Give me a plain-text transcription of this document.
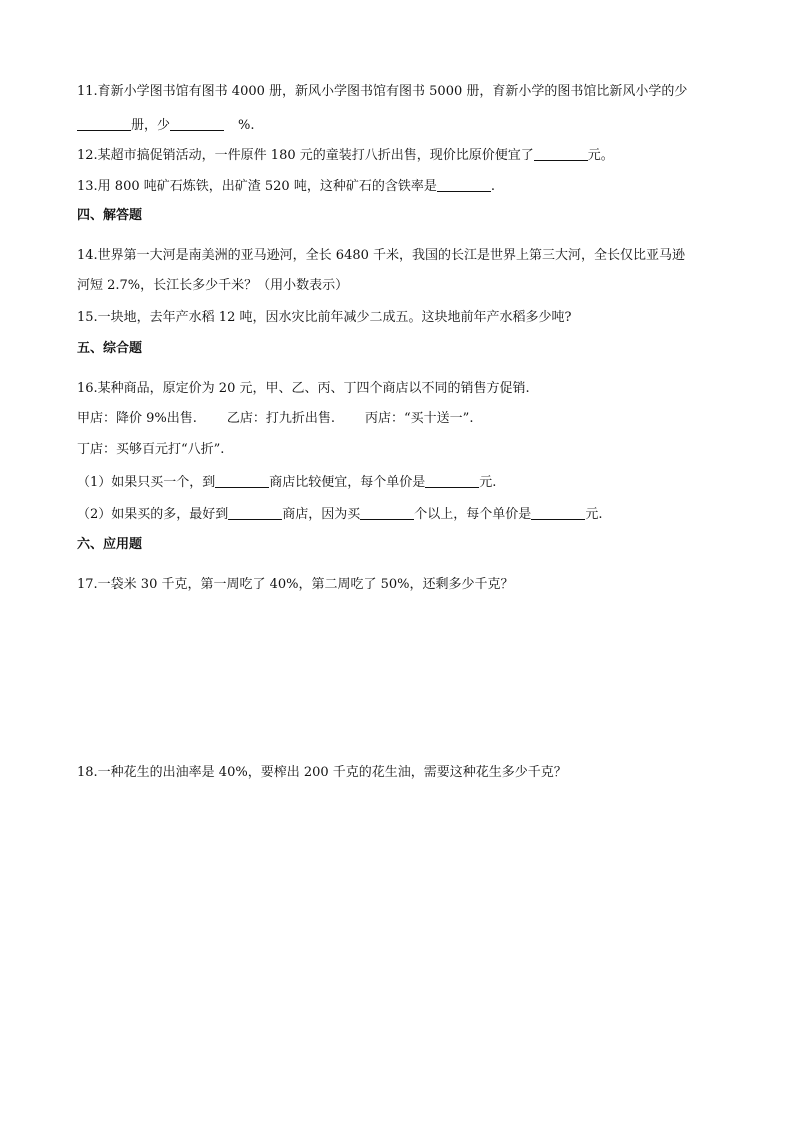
11.育新小学图书馆有图书 4000 册，新风小学图书馆有图书 5000 册，育新小学的图书馆比新风小学的少
册，少	%.
12.某超市搞促销活动，一件原件 180 元的童装打八折出售，现价比原价便宜了	元。
13.用 800 吨矿石炼铁，出矿渣 520 吨，这种矿石的含铁率是	.
四、解答题
14.世界第一大河是南美洲的亚马逊河，全长 6480 千米，我国的长江是世界上第三大河，全长仅比亚马逊
河短 2.7%，长江长多少千米？（用小数表示）
15.一块地，去年产水稻 12 吨，因水灾比前年减少二成五。这块地前年产水稻多少吨?
五、综合题
16.某种商品，原定价为 20 元，甲、乙、丙、丁四个商店以不同的销售方促销.
甲店：降价 9%出售. 乙店：打九折出售. 丙店：“买十送一”.
丁店：买够百元打“八折”.
（1）如果只买一个，到	商店比较便宜，每个单价是	元.
（2）如果买的多，最好到	商店，因为买	个以上，每个单价是	元.
六、应用题
17.一袋米 30 千克，第一周吃了 40%，第二周吃了 50%，还剩多少千克？
18.一种花生的出油率是 40%，要榨出 200 千克的花生油，需要这种花生多少千克？
